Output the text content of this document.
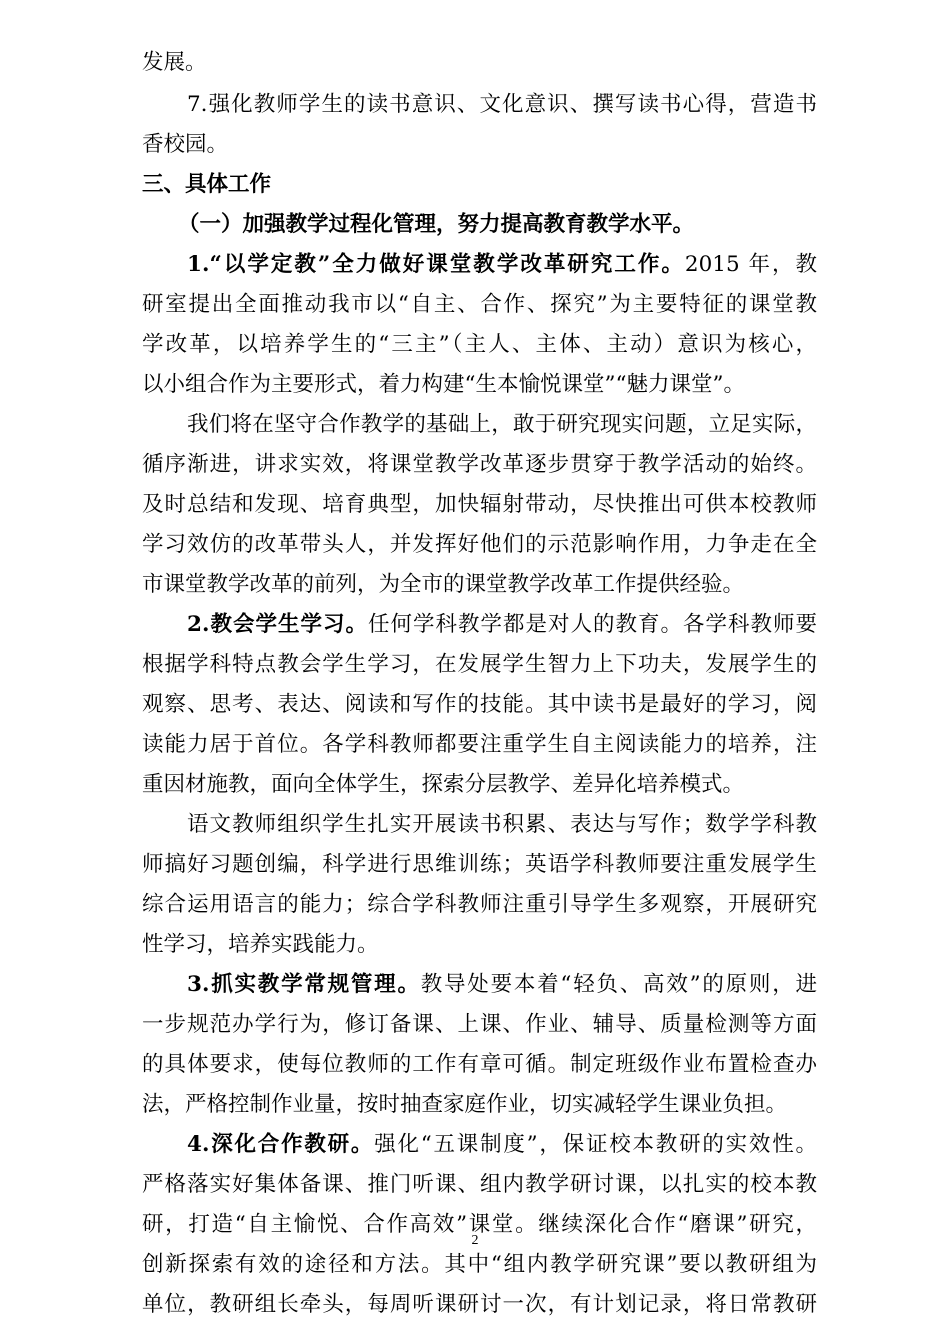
发展。
7.强化教师学生的读书意识、文化意识、撰写读书心得，营造书
香校园。
三、具体工作
（一）加强教学过程化管理，努力提高教育教学水平。
1.“以学定教”全力做好课堂教学改革研究工作。2015 年，教
研室提出全面推动我市以“自主、合作、探究”为主要特征的课堂教
学改革，以培养学生的“三主”（主人、主体、主动）意识为核心，
以小组合作为主要形式，着力构建“生本愉悦课堂”“魅力课堂”。
我们将在坚守合作教学的基础上，敢于研究现实问题，立足实际，
循序渐进，讲求实效，将课堂教学改革逐步贯穿于教学活动的始终。
及时总结和发现、培育典型，加快辐射带动，尽快推出可供本校教师
学习效仿的改革带头人，并发挥好他们的示范影响作用，力争走在全
市课堂教学改革的前列，为全市的课堂教学改革工作提供经验。
2.教会学生学习。任何学科教学都是对人的教育。各学科教师要
根据学科特点教会学生学习，在发展学生智力上下功夫，发展学生的
观察、思考、表达、阅读和写作的技能。其中读书是最好的学习，阅
读能力居于首位。各学科教师都要注重学生自主阅读能力的培养，注
重因材施教，面向全体学生，探索分层教学、差异化培养模式。
语文教师组织学生扎实开展读书积累、表达与写作；数学学科教
师搞好习题创编，科学进行思维训练；英语学科教师要注重发展学生
综合运用语言的能力；综合学科教师注重引导学生多观察，开展研究
性学习，培养实践能力。
3.抓实教学常规管理。教导处要本着“轻负、高效”的原则，进
一步规范办学行为，修订备课、上课、作业、辅导、质量检测等方面
的具体要求，使每位教师的工作有章可循。制定班级作业布置检查办
法，严格控制作业量，按时抽查家庭作业，切实减轻学生课业负担。
4.深化合作教研。强化“五课制度”，保证校本教研的实效性。
严格落实好集体备课、推门听课、组内教学研讨课，以扎实的校本教
研，打造“自主愉悦、合作高效”课堂。继续深化合作“磨课”研究，
创新探索有效的途径和方法。其中“组内教学研究课”要以教研组为
单位，教研组长牵头，每周听课研讨一次，有计划记录，将日常教研
2
